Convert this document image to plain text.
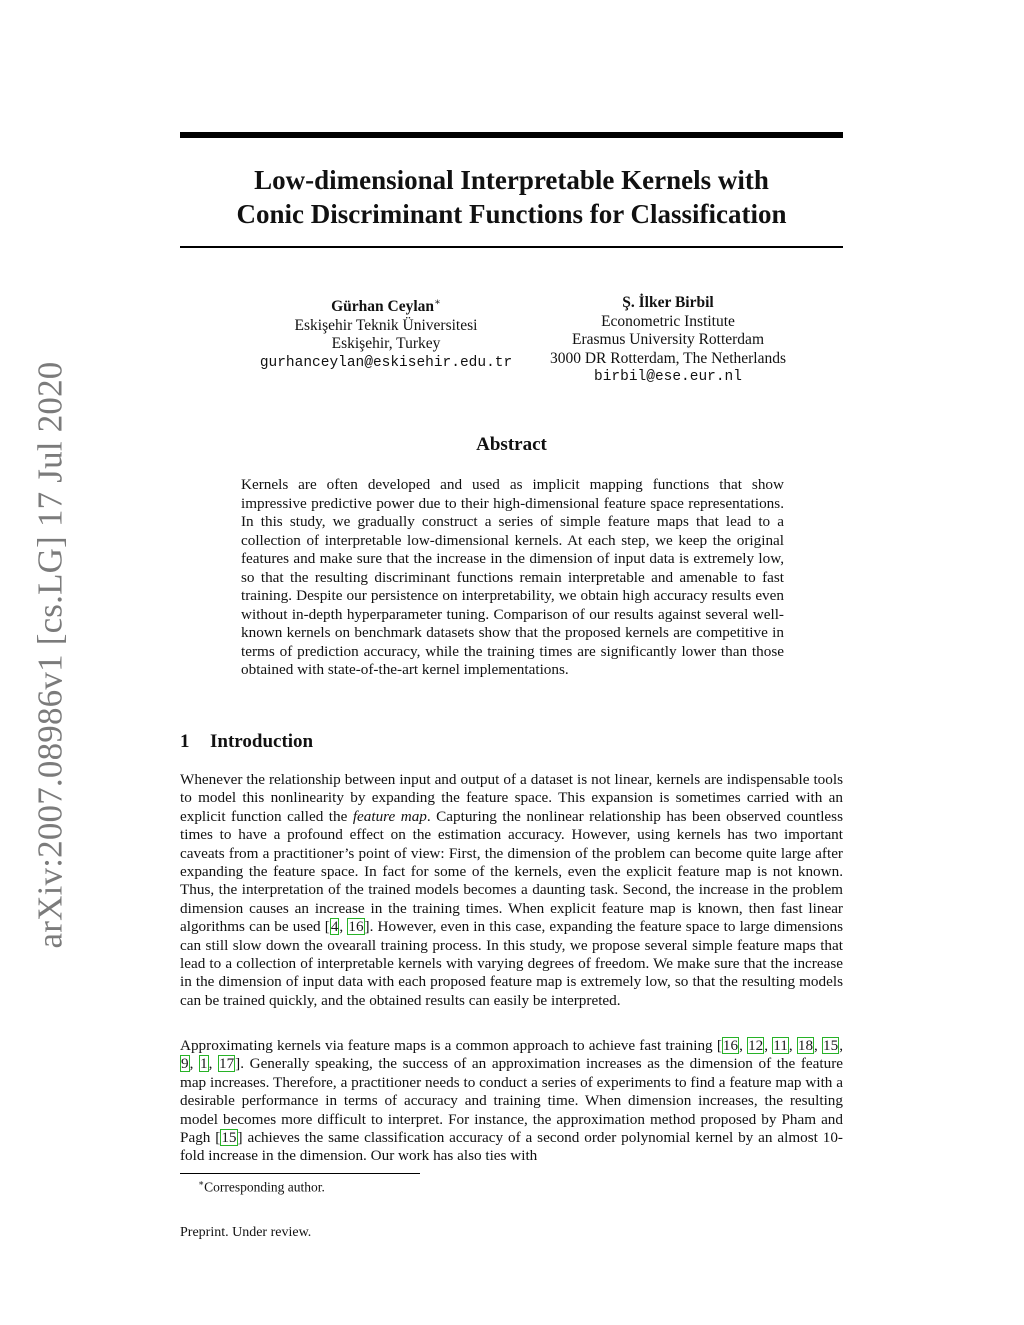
arXiv:2007.08986v1 [cs.LG] 17 Jul 2020
Low-dimensional Interpretable Kernels with
Conic Discriminant Functions for Classification
Gürhan Ceylan∗
Eskişehir Teknik Üniversitesi
Eskişehir, Turkey
gurhanceylan@eskisehir.edu.tr
Ş. İlker Birbil
Econometric Institute
Erasmus University Rotterdam
3000 DR Rotterdam, The Netherlands
birbil@ese.eur.nl
Abstract
Kernels are often developed and used as implicit mapping functions that show impressive predictive power due to their high-dimensional feature space representations. In this study, we gradually construct a series of simple feature maps that lead to a collection of interpretable low-dimensional kernels. At each step, we keep the original features and make sure that the increase in the dimension of input data is extremely low, so that the resulting discriminant functions remain interpretable and amenable to fast training. Despite our persistence on interpretability, we obtain high accuracy results even without in-depth hyperparameter tuning. Comparison of our results against several well-known kernels on benchmark datasets show that the proposed kernels are competitive in terms of prediction accuracy, while the training times are significantly lower than those obtained with state-of-the-art kernel implementations.
1 Introduction
Whenever the relationship between input and output of a dataset is not linear, kernels are indispensable tools to model this nonlinearity by expanding the feature space. This expansion is sometimes carried with an explicit function called the feature map. Capturing the nonlinear relationship has been observed countless times to have a profound effect on the estimation accuracy. However, using kernels has two important caveats from a practitioner’s point of view: First, the dimension of the problem can become quite large after expanding the feature space. In fact for some of the kernels, even the explicit feature map is not known. Thus, the interpretation of the trained models becomes a daunting task. Second, the increase in the problem dimension causes an increase in the training times. When explicit feature map is known, then fast linear algorithms can be used [4, 16]. However, even in this case, expanding the feature space to large dimensions can still slow down the ovearall training process. In this study, we propose several simple feature maps that lead to a collection of interpretable kernels with varying degrees of freedom. We make sure that the increase in the dimension of input data with each proposed feature map is extremely low, so that the resulting models can be trained quickly, and the obtained results can easily be interpreted.
Approximating kernels via feature maps is a common approach to achieve fast training [16, 12, 11, 18, 15, 9, 1, 17]. Generally speaking, the success of an approximation increases as the dimension of the feature map increases. Therefore, a practitioner needs to conduct a series of experiments to find a feature map with a desirable performance in terms of accuracy and training time. When dimension increases, the resulting model becomes more difficult to interpret. For instance, the approximation method proposed by Pham and Pagh [15] achieves the same classification accuracy of a second order polynomial kernel by an almost 10-fold increase in the dimension. Our work has also ties with
∗Corresponding author.
Preprint. Under review.
